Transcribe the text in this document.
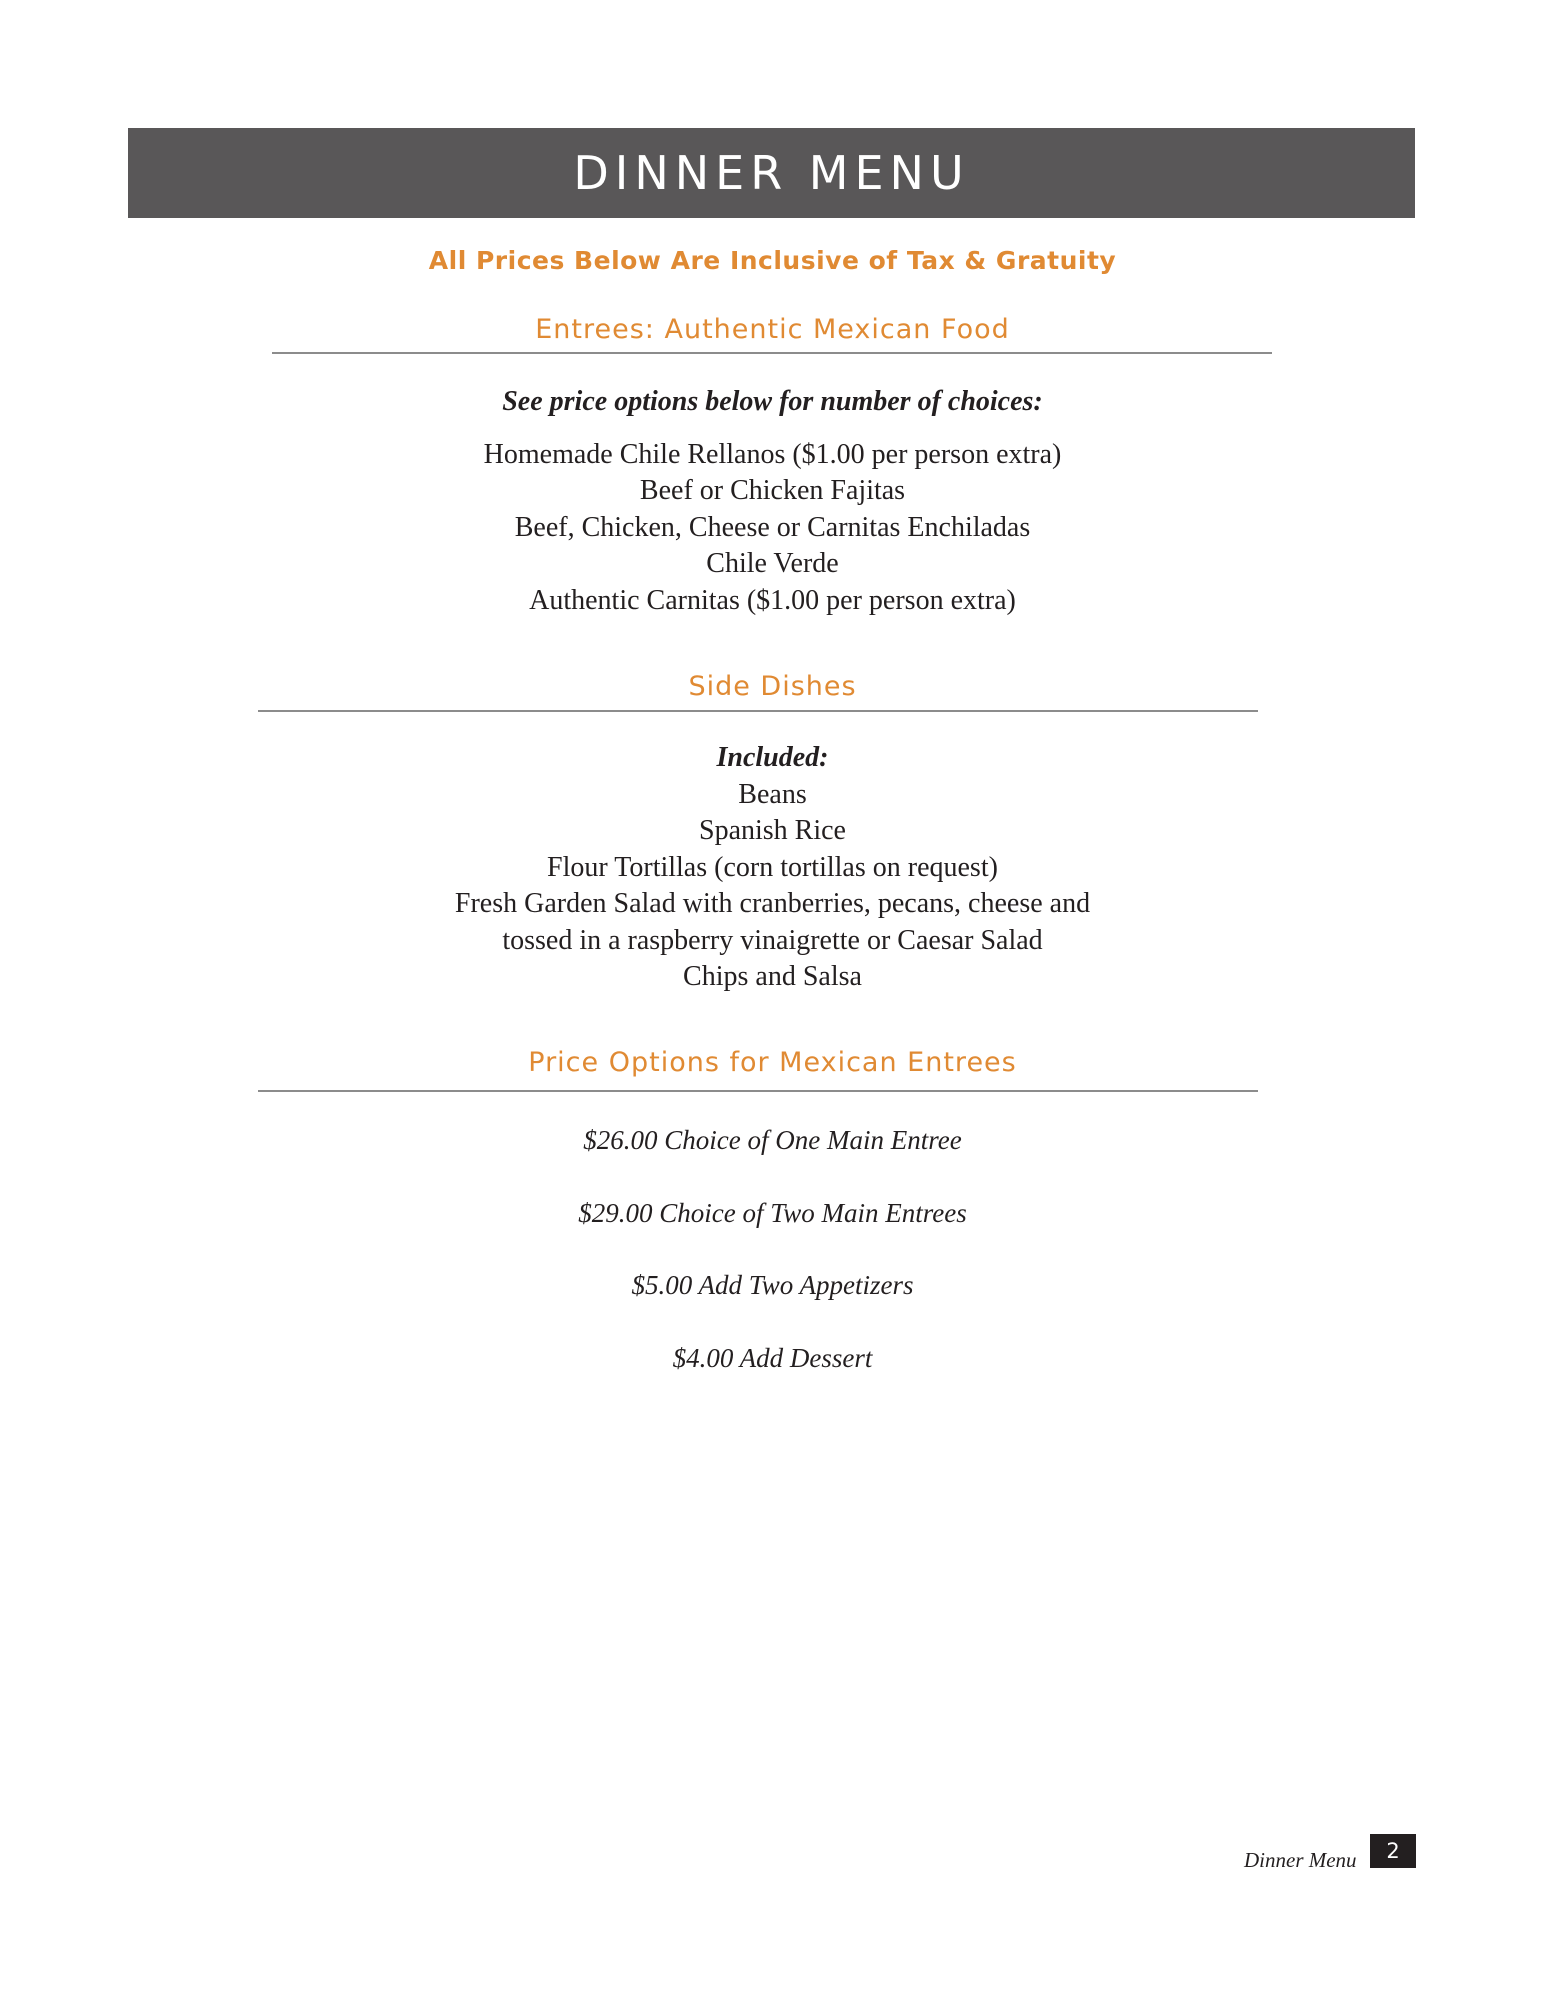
DINNER MENU
All Prices Below Are Inclusive of Tax & Gratuity
Entrees: Authentic Mexican Food
See price options below for number of choices:
Homemade Chile Rellanos ($1.00 per person extra)
Beef or Chicken Fajitas
Beef, Chicken, Cheese or Carnitas Enchiladas
Chile Verde
Authentic Carnitas ($1.00 per person extra)
Side Dishes
Included:
Beans
Spanish Rice
Flour Tortillas (corn tortillas on request)
Fresh Garden Salad with cranberries, pecans, cheese and
tossed in a raspberry vinaigrette or Caesar Salad
Chips and Salsa
Price Options for Mexican Entrees
$26.00 Choice of One Main Entree
$29.00 Choice of Two Main Entrees
$5.00 Add Two Appetizers
$4.00 Add Dessert
Dinner Menu	2
